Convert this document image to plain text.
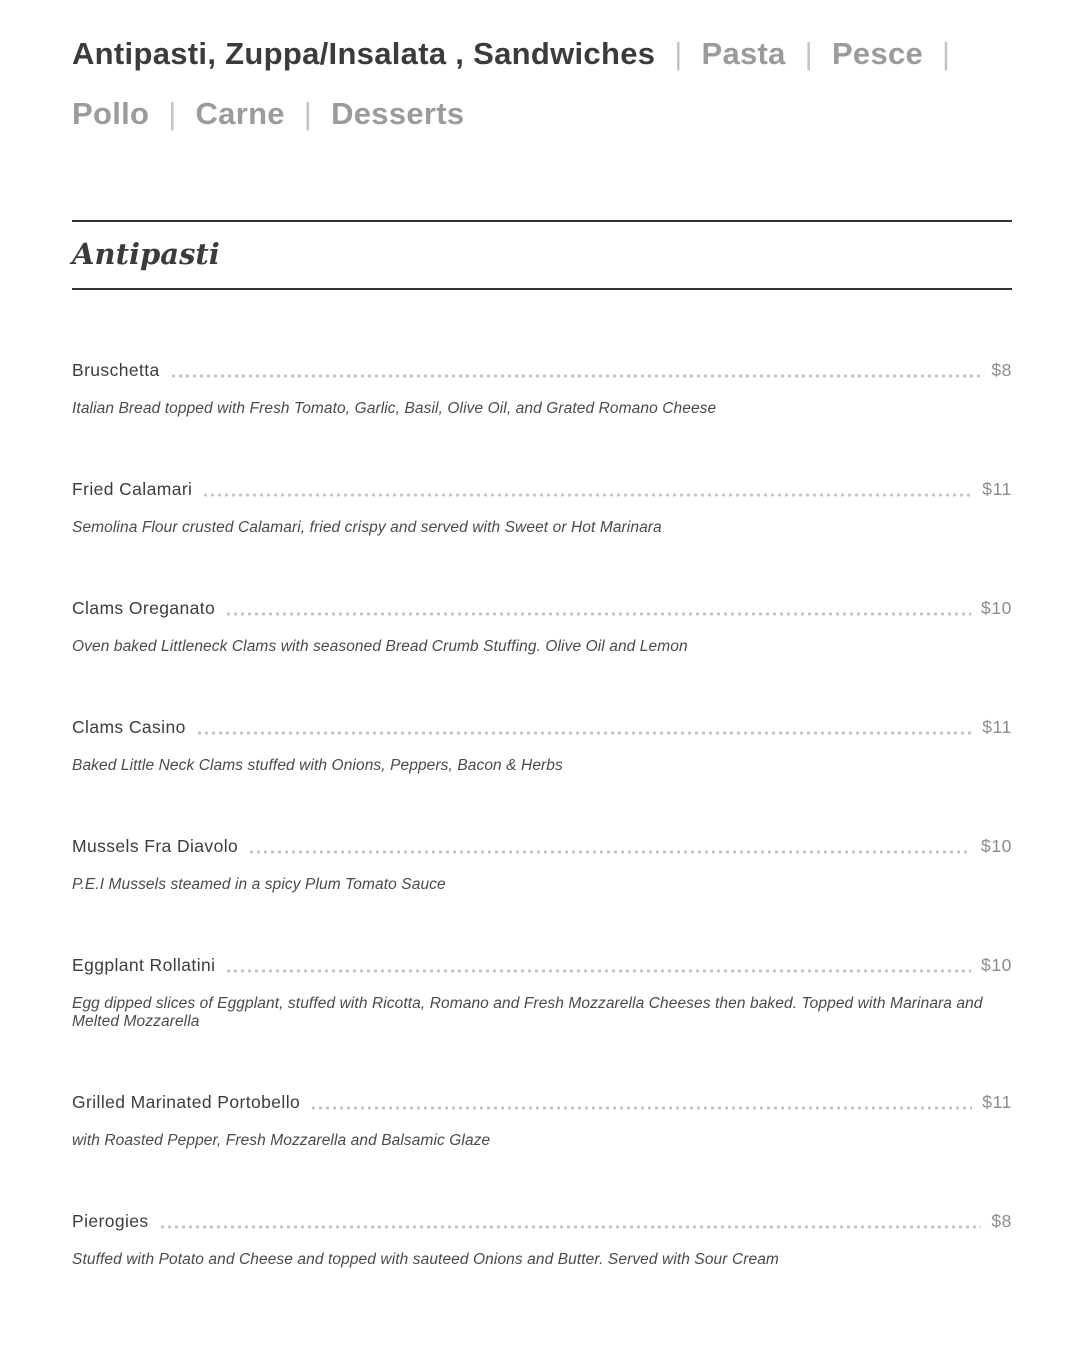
Antipasti, Zuppa/Insalata , Sandwiches | Pasta | Pesce |
Pollo | Carne | Desserts
Antipasti
Bruschetta	$8
Italian Bread topped with Fresh Tomato, Garlic, Basil, Olive Oil, and Grated Romano Cheese
Fried Calamari	$11
Semolina Flour crusted Calamari, fried crispy and served with Sweet or Hot Marinara
Clams Oreganato	$10
Oven baked Littleneck Clams with seasoned Bread Crumb Stuffing. Olive Oil and Lemon
Clams Casino	$11
Baked Little Neck Clams stuffed with Onions, Peppers, Bacon & Herbs
Mussels Fra Diavolo	$10
P.E.I Mussels steamed in a spicy Plum Tomato Sauce
Eggplant Rollatini	$10
Egg dipped slices of Eggplant, stuffed with Ricotta, Romano and Fresh Mozzarella Cheeses then baked. Topped with Marinara and Melted Mozzarella
Grilled Marinated Portobello	$11
with Roasted Pepper, Fresh Mozzarella and Balsamic Glaze
Pierogies	$8
Stuffed with Potato and Cheese and topped with sauteed Onions and Butter. Served with Sour Cream
